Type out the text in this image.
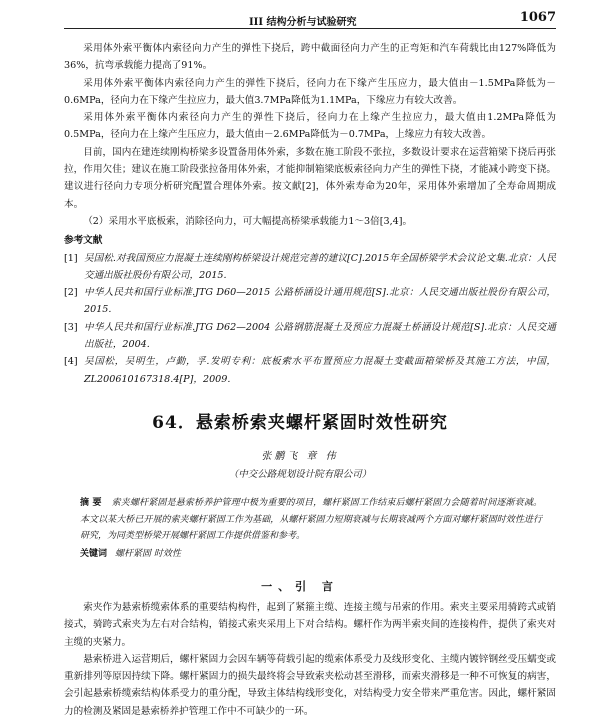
III 结构分析与试验研究	1067

采用体外索平衡体内索径向力产生的弹性下挠后，跨中截面径向力产生的正弯矩和汽车荷载比由127%降低为36%，抗弯承载能力提高了91%。

采用体外索平衡体内索径向力产生的弹性下挠后，径向力在下缘产生压应力，最大值由－1.5MPa降低为－0.6MPa，径向力在下缘产生拉应力，最大值3.7MPa降低为1.1MPa，下缘应力有较大改善。

采用体外索平衡体内索径向力产生的弹性下挠后，径向力在上缘产生拉应力，最大值由1.2MPa降低为0.5MPa，径向力在上缘产生压应力，最大值由－2.6MPa降低为－0.7MPa，上缘应力有较大改善。

目前，国内在建连续刚构桥梁多设置备用体外索，多数在施工阶段不张拉，多数设计要求在运营箱梁下挠后再张拉，作用欠佳；建议在施工阶段张拉备用体外索，才能抑制箱梁底板索径向力产生的弹性下挠，才能减小跨变下挠。建议进行径向力专项分析研究配置合理体外索。按文献[2]，体外索寿命为20年，采用体外索增加了全寿命周期成本。

（2）采用水平底板索，消除径向力，可大幅提高桥梁承载能力1～3倍[3,4]。

参考文献

[1] 吴国松.对我国预应力混凝土连续刚构桥梁设计规范完善的建议[C].2015年全国桥梁学术会议论文集.北京：人民交通出版社股份有限公司，2015.
[2] 中华人民共和国行业标准.JTG D60—2015 公路桥涵设计通用规范[S].北京：人民交通出版社股份有限公司，2015.
[3] 中华人民共和国行业标准.JTG D62—2004 公路钢筋混凝土及预应力混凝土桥涵设计规范[S].北京：人民交通出版社，2004.
[4] 吴国松，吴明生，卢勤，孚.发明专利：底板索水平布置预应力混凝土变截面箱梁桥及其施工方法，中国，ZL200610167318.4[P]，2009.
64．悬索桥索夹螺杆紧固时效性研究
张鹏飞 章 伟
（中交公路规划设计院有限公司）
摘 要 索夹螺杆紧固是悬索桥养护管理中极为重要的项目，螺杆紧固工作结束后螺杆紧固力会随着时间逐渐衰减。本文以某大桥已开展的索夹螺杆紧固工作为基础，从螺杆紧固力短期衰减与长期衰减两个方面对螺杆紧固时效性进行研究，为同类型桥梁开展螺杆紧固工作提供借鉴和参考。
关键词 螺杆紧固 时效性
一、引 言

索夹作为悬索桥缆索体系的重要结构构件，起到了紧箍主缆、连接主缆与吊索的作用。索夹主要采用骑跨式或销接式，骑跨式索夹为左右对合结构，销接式索夹采用上下对合结构。螺杆作为两半索夹间的连接构件，提供了索夹对主缆的夹紧力。

悬索桥进入运营期后，螺杆紧固力会因车辆等荷载引起的缆索体系受力及线形变化、主缆内镀锌钢丝受压蠕变或重新排列等原因持续下降。螺杆紧固力的损失最终将会导致索夹松动甚至滑移，而索夹滑移是一种不可恢复的病害，会引起悬索桥缆索结构体系受力的重分配，导致主体结构线形变化，对结构受力安全带来严重危害。因此，螺杆紧固力的检测及紧固是悬索桥养护管理工作中不可缺少的一环。
